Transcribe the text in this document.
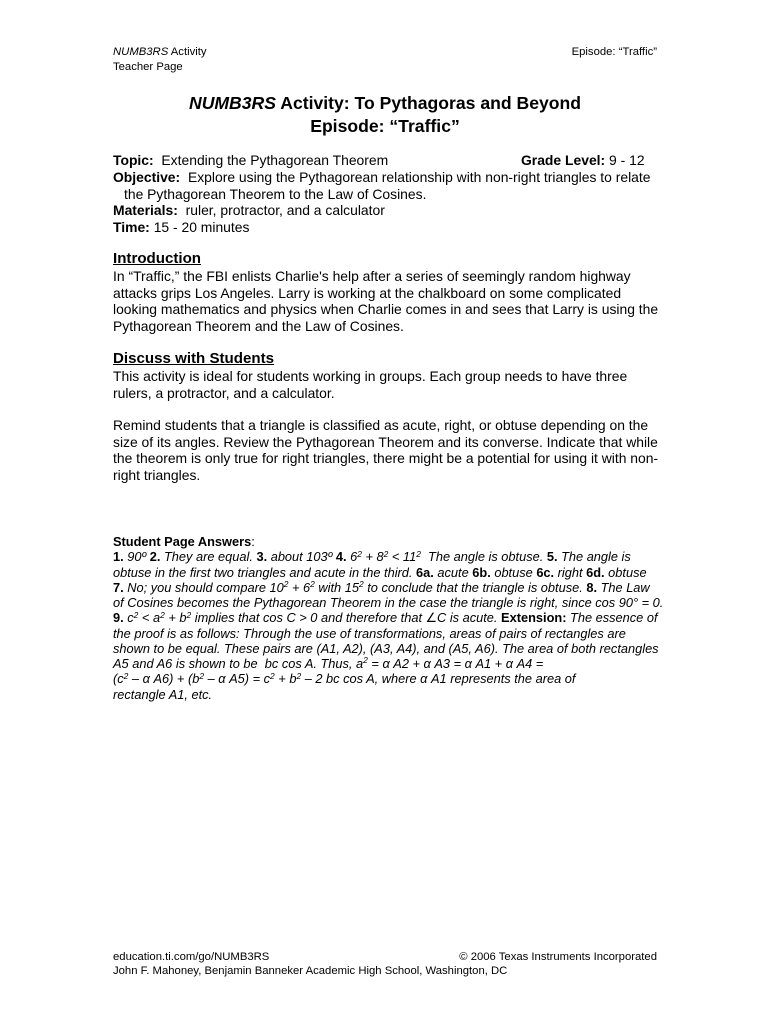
NUMB3RS Activity
Teacher Page
Episode: “Traffic”
NUMB3RS Activity: To Pythagoras and Beyond
Episode: “Traffic”
Topic: Extending the Pythagorean Theorem	Grade Level: 9 - 12
Objective: Explore using the Pythagorean relationship with non-right triangles to relate
the Pythagorean Theorem to the Law of Cosines.
Materials: ruler, protractor, and a calculator
Time: 15 - 20 minutes
Introduction
In “Traffic,” the FBI enlists Charlie's help after a series of seemingly random highway
attacks grips Los Angeles. Larry is working at the chalkboard on some complicated
looking mathematics and physics when Charlie comes in and sees that Larry is using the
Pythagorean Theorem and the Law of Cosines.
Discuss with Students
This activity is ideal for students working in groups. Each group needs to have three
rulers, a protractor, and a calculator.
Remind students that a triangle is classified as acute, right, or obtuse depending on the
size of its angles. Review the Pythagorean Theorem and its converse. Indicate that while
the theorem is only true for right triangles, there might be a potential for using it with non-
right triangles.
Student Page Answers:
1. 90º 2. They are equal. 3. about 103º 4. $6^2 + 8^2 < 11^2$  The angle is obtuse. 5. The angle is
obtuse in the first two triangles and acute in the third. 6a. acute 6b. obtuse 6c. right 6d. obtuse
7. No; you should compare $10^2 + 6^2$ with $15^2$ to conclude that the triangle is obtuse. 8. The Law
of Cosines becomes the Pythagorean Theorem in the case the triangle is right, since cos 90° = 0.
9. $c^2 < a^2 + b^2$ implies that cos C > 0 and therefore that ∠C is acute. Extension: The essence of
the proof is as follows: Through the use of transformations, areas of pairs of rectangles are
shown to be equal. These pairs are (A1, A2), (A3, A4), and (A5, A6). The area of both rectangles
A5 and A6 is shown to be  bc cos A. Thus, $a^2 = \alpha$ A2 + α A3 = α A1 + α A4 =
($c^2$ – α $A6) + (b^2 - \alpha$ $A5) = c^2 + b^2 - 2$ bc cos A, where α A1 represents the area of
rectangle A1, etc.
education.ti.com/go/NUMB3RS	© 2006 Texas Instruments Incorporated
John F. Mahoney, Benjamin Banneker Academic High School, Washington, DC
